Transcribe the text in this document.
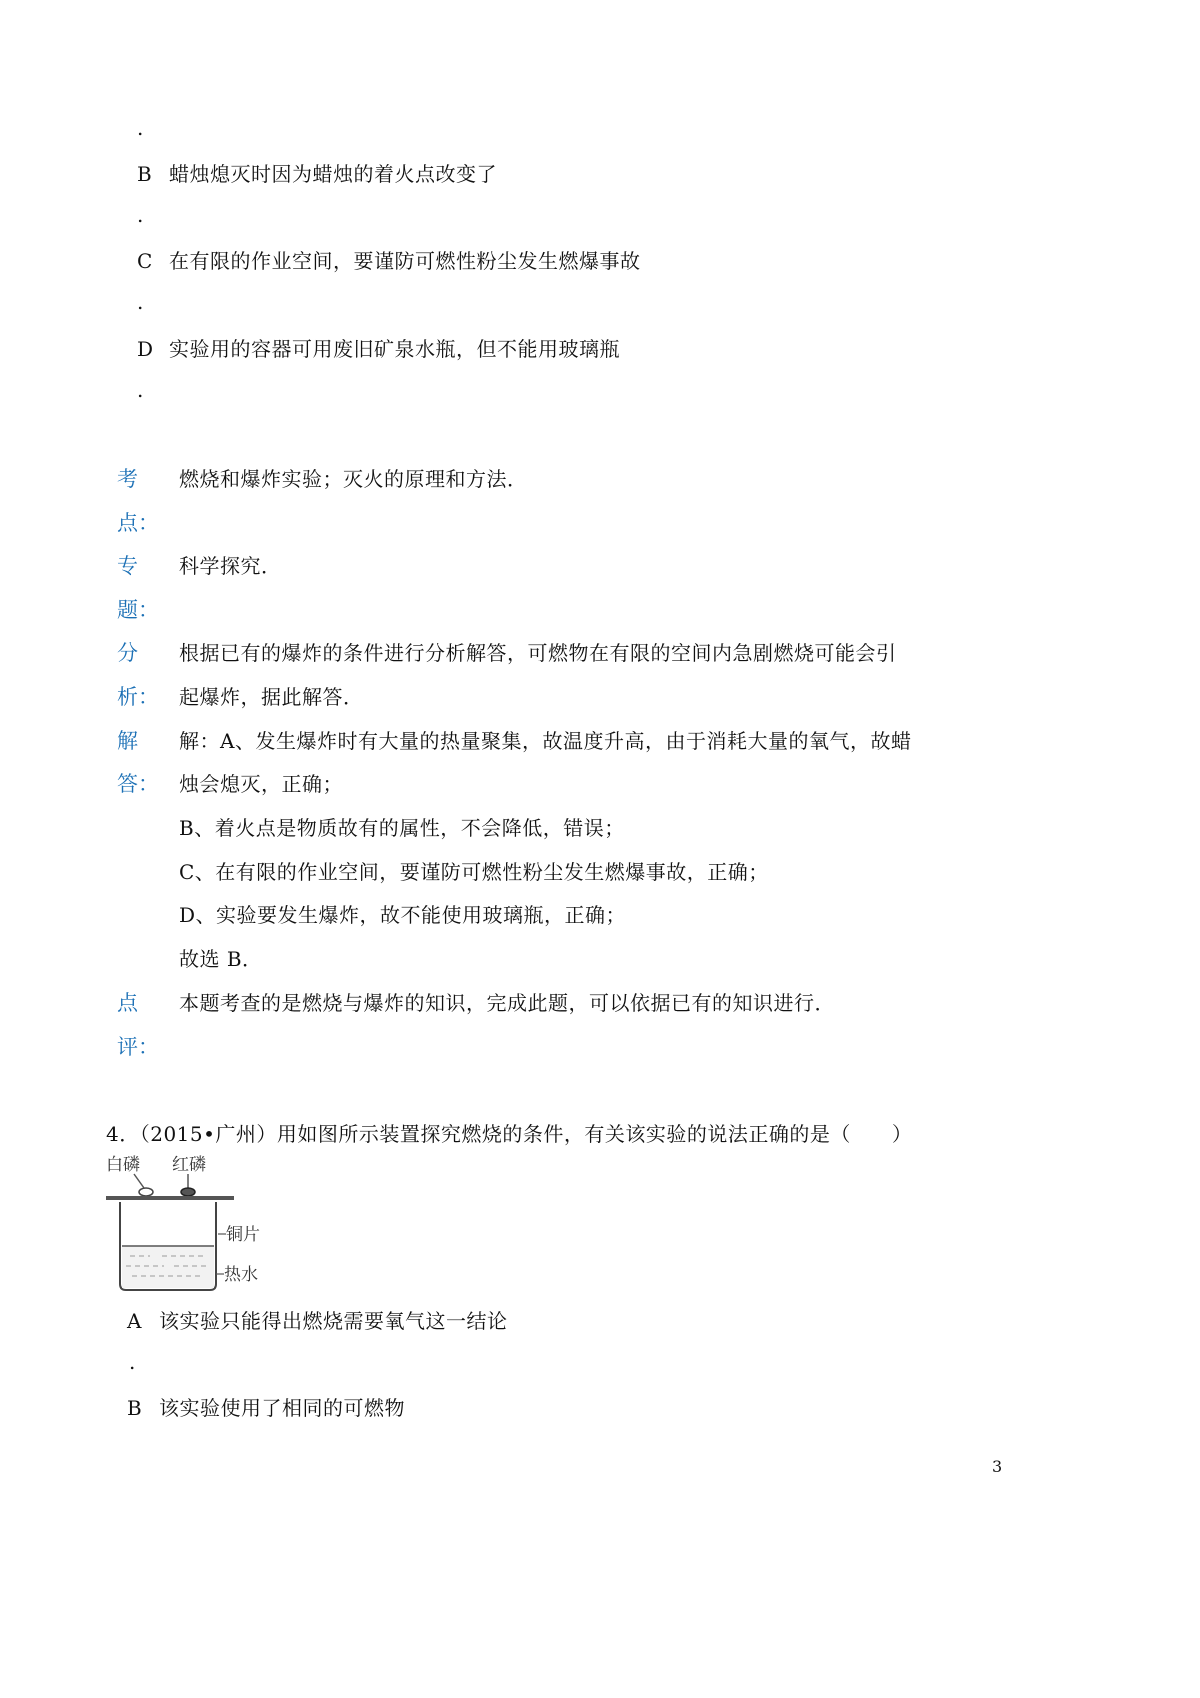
.
B 蜡烛熄灭时因为蜡烛的着火点改变了
.
C 在有限的作业空间，要谨防可燃性粉尘发生燃爆事故
.
D 实验用的容器可用废旧矿泉水瓶，但不能用玻璃瓶
.
考
点：
燃烧和爆炸实验；灭火的原理和方法．
专
题：
科学探究．
分
析：
根据已有的爆炸的条件进行分析解答，可燃物在有限的空间内急剧燃烧可能会引
起爆炸，据此解答．
解
答：
解：A、发生爆炸时有大量的热量聚集，故温度升高，由于消耗大量的氧气，故蜡
烛会熄灭，正确；
B、着火点是物质故有的属性，不会降低，错误；
C、在有限的作业空间，要谨防可燃性粉尘发生燃爆事故，正确；
D、实验要发生爆炸，故不能使用玻璃瓶，正确；
故选 B．
点
评：
本题考查的是燃烧与爆炸的知识，完成此题，可以依据已有的知识进行．
4．（2015•广州）用如图所示装置探究燃烧的条件，有关该实验的说法正确的是（　　）
白磷 红磷
铜片
热水
A 该实验只能得出燃烧需要氧气这一结论
.
B 该实验使用了相同的可燃物
3
